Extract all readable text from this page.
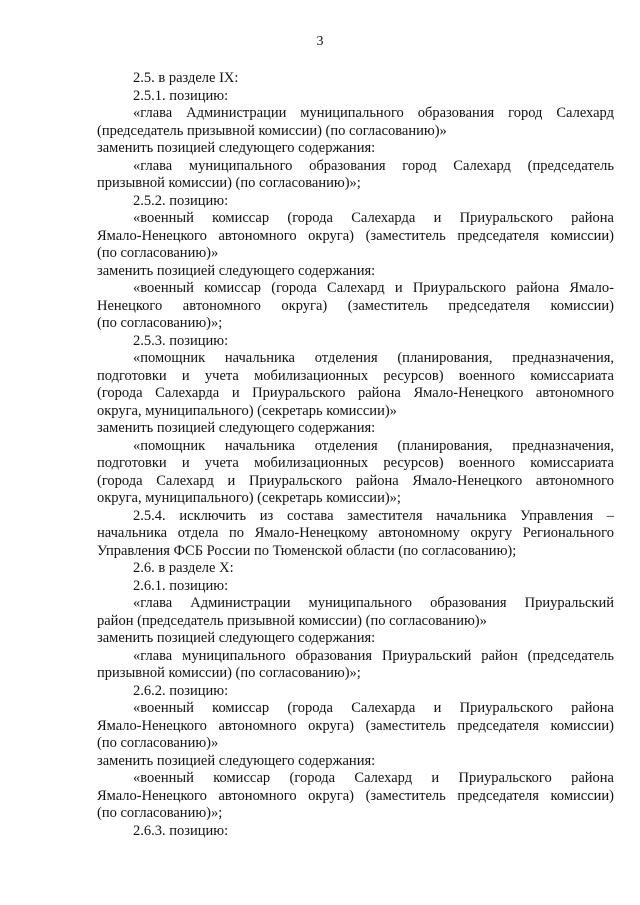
3
2.5. в разделе IX:
2.5.1. позицию:
«глава Администрации муниципального образования город Салехард
(председатель призывной комиссии) (по согласованию)»
заменить позицией следующего содержания:
«глава муниципального образования город Салехард (председатель
призывной комиссии) (по согласованию)»;
2.5.2. позицию:
«военный комиссар (города Салехарда и Приуральского района
Ямало-Ненецкого автономного округа) (заместитель председателя комиссии)
(по согласованию)»
заменить позицией следующего содержания:
«военный комиссар (города Салехард и Приуральского района Ямало-
Ненецкого автономного округа) (заместитель председателя комиссии)
(по согласованию)»;
2.5.3. позицию:
«помощник начальника отделения (планирования, предназначения,
подготовки и учета мобилизационных ресурсов) военного комиссариата
(города Салехарда и Приуральского района Ямало-Ненецкого автономного
округа, муниципального) (секретарь комиссии)»
заменить позицией следующего содержания:
«помощник начальника отделения (планирования, предназначения,
подготовки и учета мобилизационных ресурсов) военного комиссариата
(города Салехард и Приуральского района Ямало-Ненецкого автономного
округа, муниципального) (секретарь комиссии)»;
2.5.4. исключить из состава заместителя начальника Управления –
начальника отдела по Ямало-Ненецкому автономному округу Регионального
Управления ФСБ России по Тюменской области (по согласованию);
2.6. в разделе X:
2.6.1. позицию:
«глава Администрации муниципального образования Приуральский
район (председатель призывной комиссии) (по согласованию)»
заменить позицией следующего содержания:
«глава муниципального образования Приуральский район (председатель
призывной комиссии) (по согласованию)»;
2.6.2. позицию:
«военный комиссар (города Салехарда и Приуральского района
Ямало-Ненецкого автономного округа) (заместитель председателя комиссии)
(по согласованию)»
заменить позицией следующего содержания:
«военный комиссар (города Салехард и Приуральского района
Ямало-Ненецкого автономного округа) (заместитель председателя комиссии)
(по согласованию)»;
2.6.3. позицию:
